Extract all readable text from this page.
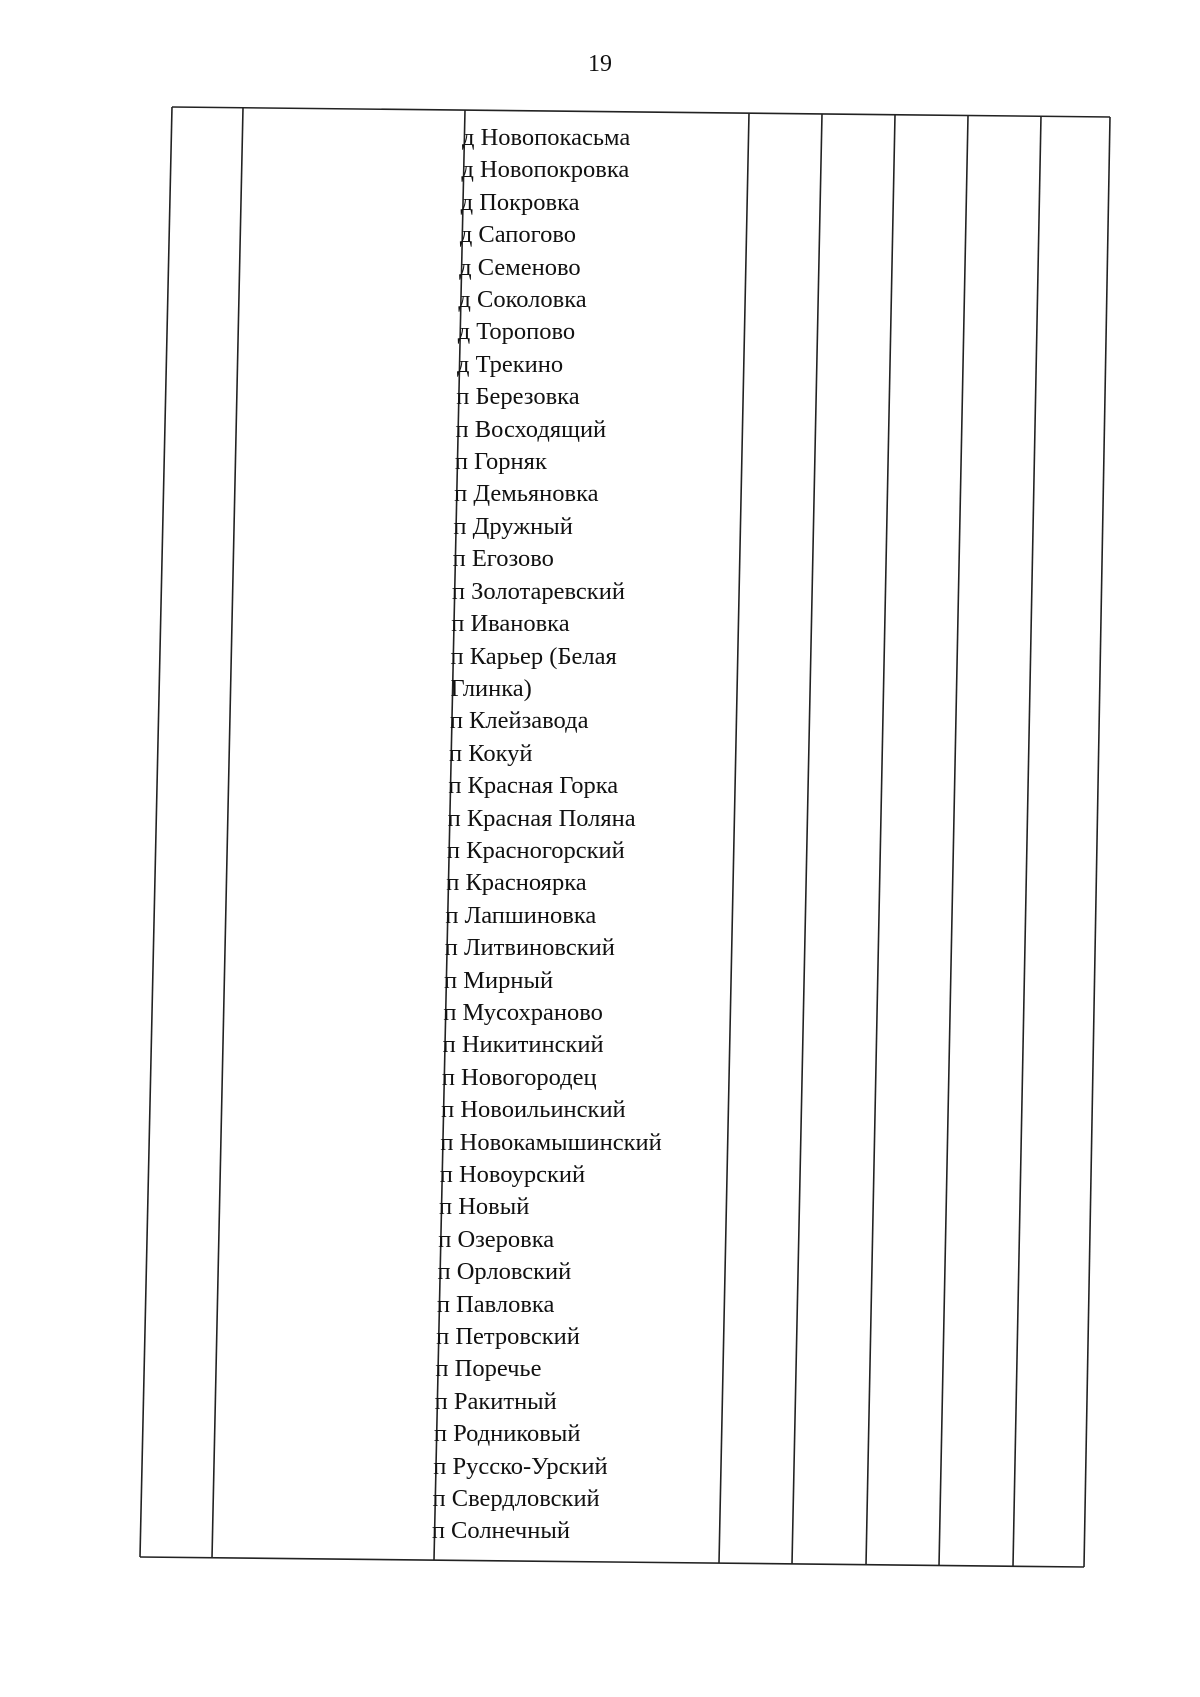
19
д Новопокасьма
д Новопокровка
д Покровка
д Сапогово
д Семеново
д Соколовка
д Торопово
д Трекино
п Березовка
п Восходящий
п Горняк
п Демьяновка
п Дружный
п Егозово
п Золотаревский
п Ивановка
п Карьер (Белая Глинка)
п Клейзавода
п Кокуй
п Красная Горка
п Красная Поляна
п Красногорский
п Красноярка
п Лапшиновка
п Литвиновский
п Мирный
п Мусохраново
п Никитинский
п Новогородец
п Новоильинский
п Новокамышинский
п Новоурский
п Новый
п Озеровка
п Орловский
п Павловка
п Петровский
п Поречье
п Ракитный
п Родниковый
п Русско-Урский
п Свердловский
п Солнечный
